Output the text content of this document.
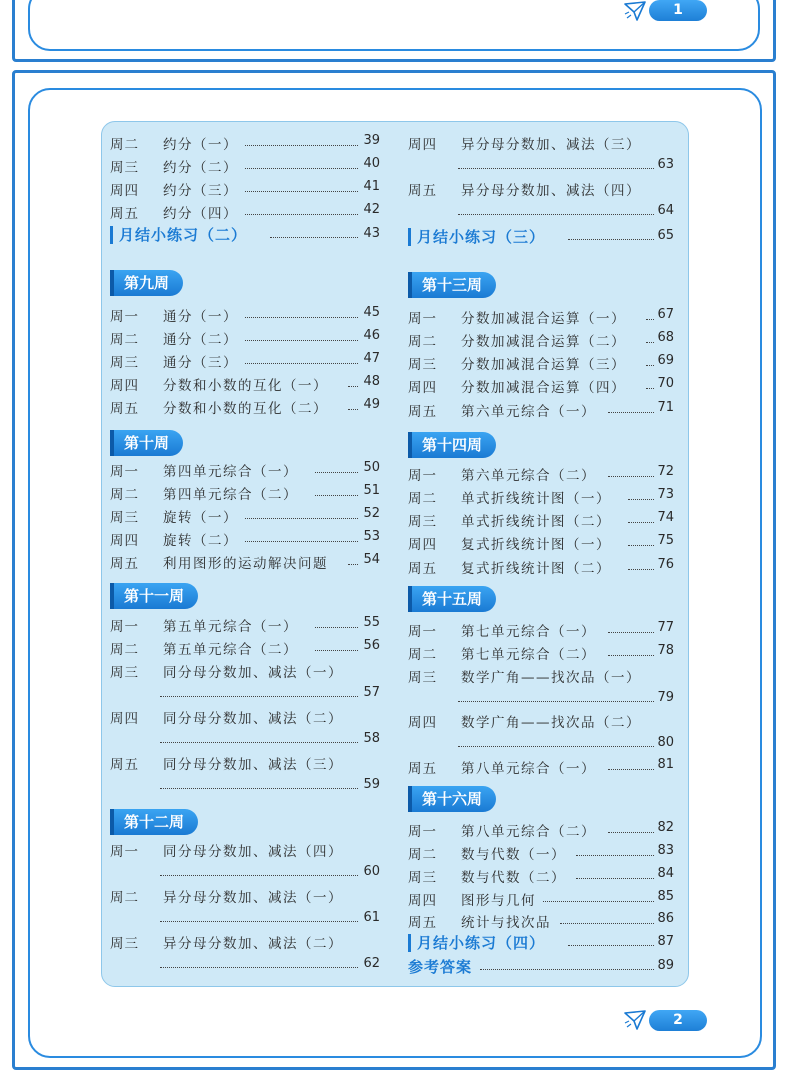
1
周二 约分（一）	39
周三 约分（二）	40
周四 约分（三）	41
周五 约分（四）	42
月结小练习（二）	43
第九周
周一 通分（一）	45
周二 通分（二）	46
周三 通分（三）	47
周四 分数和小数的互化（一）	48
周五 分数和小数的互化（二）	49
第十周
周一 第四单元综合（一）	50
周二 第四单元综合（二）	51
周三 旋转（一）	52
周四 旋转（二）	53
周五 利用图形的运动解决问题	54
第十一周
周一 第五单元综合（一）	55
周二 第五单元综合（二）	56
周三 同分母分数加、减法（一）
57
周四 同分母分数加、减法（二）
58
周五 同分母分数加、减法（三）
59
第十二周
周一 同分母分数加、减法（四）
60
周二 异分母分数加、减法（一）
61
周三 异分母分数加、减法（二）
62
周四 异分母分数加、减法（三）
63
周五 异分母分数加、减法（四）
64
月结小练习（三）	65
第十三周
周一 分数加减混合运算（一） 67
周二 分数加减混合运算（二） 68
周三 分数加减混合运算（三） 69
周四 分数加减混合运算（四） 70
周五 第六单元综合（一）	71
第十四周
周一 第六单元综合（二）	72
周二 单式折线统计图（一）	73
周三 单式折线统计图（二）	74
周四 复式折线统计图（一）	75
周五 复式折线统计图（二）	76
第十五周
周一 第七单元综合（一）	77
周二 第七单元综合（二）	78
周三 数学广角——找次品（一）
79
周四 数学广角——找次品（二）
80
周五 第八单元综合（一）	81
第十六周
周一 第八单元综合（二）	82
周二 数与代数（一）	83
周三 数与代数（二）	84
周四 图形与几何	85
周五 统计与找次品	86
月结小练习（四）	87
参考答案	89
2
